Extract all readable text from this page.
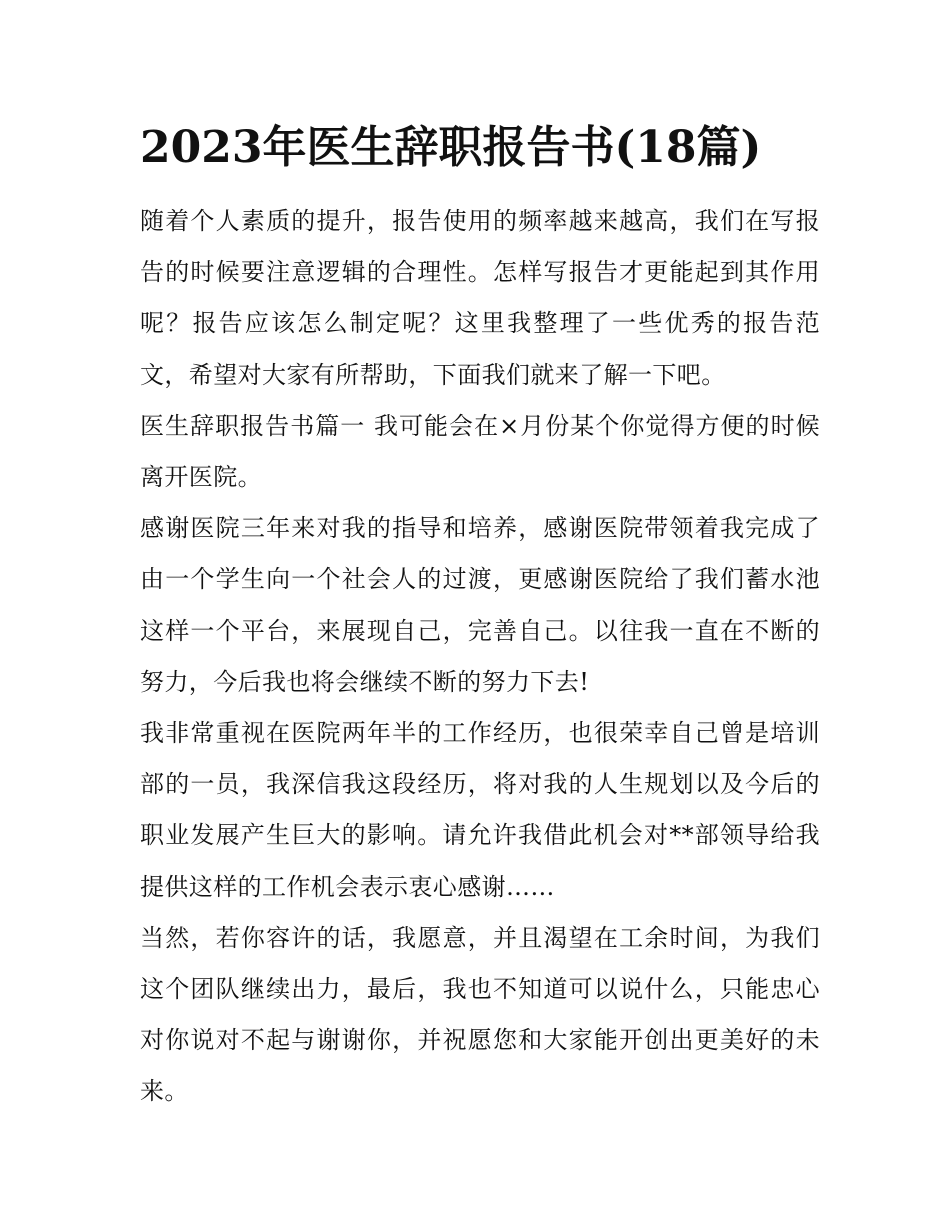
2023年医生辞职报告书(18篇)

随着个人素质的提升，报告使用的频率越来越高，我们在写报告的时候要注意逻辑的合理性。怎样写报告才更能起到其作用呢？报告应该怎么制定呢？这里我整理了一些优秀的报告范文，希望对大家有所帮助，下面我们就来了解一下吧。

医生辞职报告书篇一 我可能会在×月份某个你觉得方便的时候离开医院。

感谢医院三年来对我的指导和培养，感谢医院带领着我完成了由一个学生向一个社会人的过渡，更感谢医院给了我们蓄水池这样一个平台，来展现自己，完善自己。以往我一直在不断的努力，今后我也将会继续不断的努力下去!

我非常重视在医院两年半的工作经历，也很荣幸自己曾是培训部的一员，我深信我这段经历，将对我的人生规划以及今后的职业发展产生巨大的影响。请允许我借此机会对**部领导给我提供这样的工作机会表示衷心感谢……

当然，若你容许的话，我愿意，并且渴望在工余时间，为我们这个团队继续出力，最后，我也不知道可以说什么，只能忠心对你说对不起与谢谢你，并祝愿您和大家能开创出更美好的未来。
